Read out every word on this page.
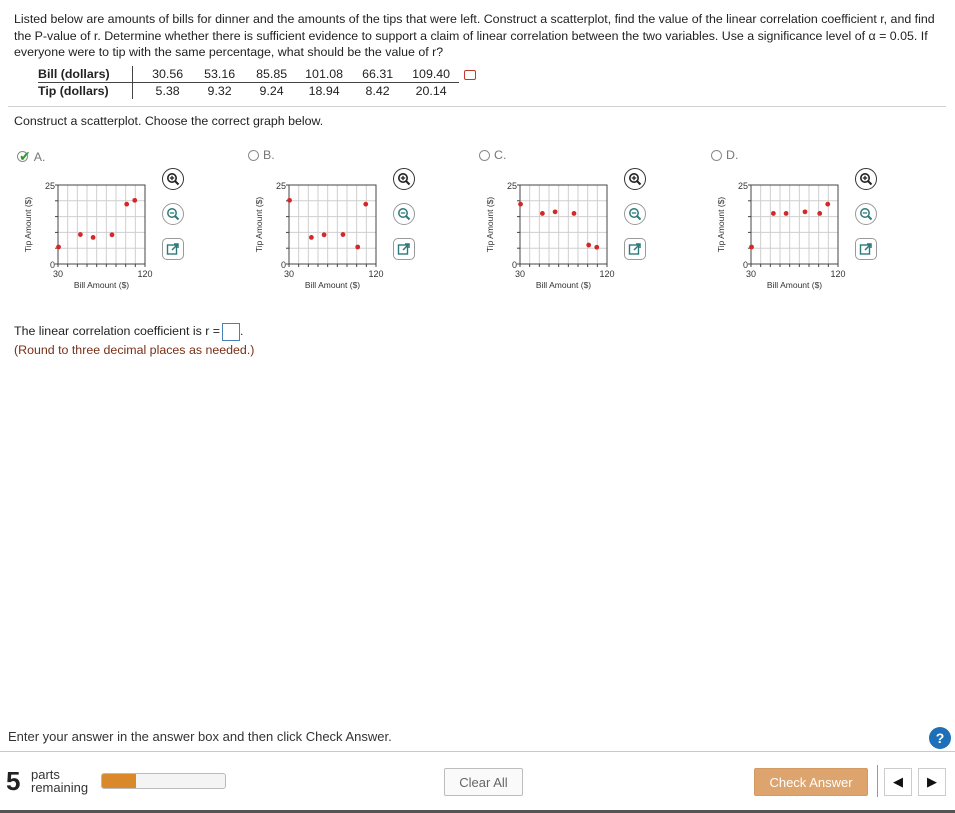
Listed below are amounts of bills for dinner and the amounts of the tips that were left. Construct a scatterplot, find the value of the linear correlation coefficient r, and find the P-value of r. Determine whether there is sufficient evidence to support a claim of linear correlation between the two variables. Use a significance level of α = 0.05. If everyone were to tip with the same percentage, what should be the value of r?
Bill (dollars)	30.56	53.16	85.85	101.08	66.31	109.40
Tip (dollars)	5.38	9.32	9.24	18.94	8.42	20.14
Construct a scatterplot. Choose the correct graph below.
✔ A.	B.	C.	D.
25
0
30	120
Bill Amount ($)
Tip Amount ($)
25
0
30	120
Bill Amount ($)
Tip Amount ($)
25
0
30	120
Bill Amount ($)
Tip Amount ($)
25
0
30	120
Bill Amount ($)
Tip Amount ($)
The linear correlation coefficient is r = .
(Round to three decimal places as needed.)
Enter your answer in the answer box and then click Check Answer.	?
5 parts
remaining	Clear All	Check Answer	◀ ▶
